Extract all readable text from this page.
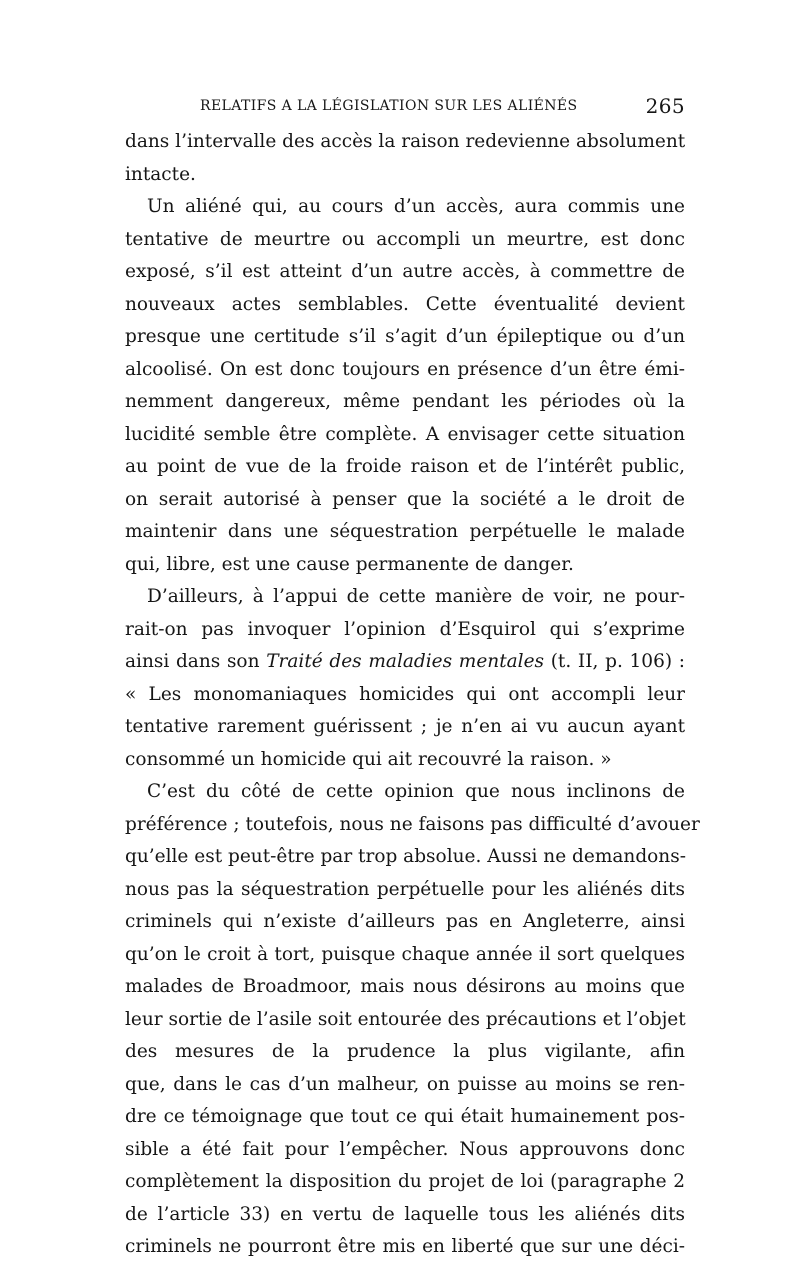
RELATIFS A LA LÉGISLATION SUR LES ALIÉNÉS	265
dans l’intervalle des accès la raison redevienne absolument
intacte.
Un aliéné qui, au cours d’un accès, aura commis une
tentative de meurtre ou accompli un meurtre, est donc
exposé, s’il est atteint d’un autre accès, à commettre de
nouveaux actes semblables. Cette éventualité devient
presque une certitude s’il s’agit d’un épileptique ou d’un
alcoolisé. On est donc toujours en présence d’un être émi-
nemment dangereux, même pendant les périodes où la
lucidité semble être complète. A envisager cette situation
au point de vue de la froide raison et de l’intérêt public,
on serait autorisé à penser que la société a le droit de
maintenir dans une séquestration perpétuelle le malade
qui, libre, est une cause permanente de danger.
D’ailleurs, à l’appui de cette manière de voir, ne pour-
rait-on pas invoquer l’opinion d’Esquirol qui s’exprime
ainsi dans son Traité des maladies mentales (t. II, p. 106) :
« Les monomaniaques homicides qui ont accompli leur
tentative rarement guérissent ; je n’en ai vu aucun ayant
consommé un homicide qui ait recouvré la raison. »
C’est du côté de cette opinion que nous inclinons de
préférence ; toutefois, nous ne faisons pas difficulté d’avouer
qu’elle est peut-être par trop absolue. Aussi ne demandons-
nous pas la séquestration perpétuelle pour les aliénés dits
criminels qui n’existe d’ailleurs pas en Angleterre, ainsi
qu’on le croit à tort, puisque chaque année il sort quelques
malades de Broadmoor, mais nous désirons au moins que
leur sortie de l’asile soit entourée des précautions et l’objet
des mesures de la prudence la plus vigilante, afin
que, dans le cas d’un malheur, on puisse au moins se ren-
dre ce témoignage que tout ce qui était humainement pos-
sible a été fait pour l’empêcher. Nous approuvons donc
complètement la disposition du projet de loi (paragraphe 2
de l’article 33) en vertu de laquelle tous les aliénés dits
criminels ne pourront être mis en liberté que sur une déci-
